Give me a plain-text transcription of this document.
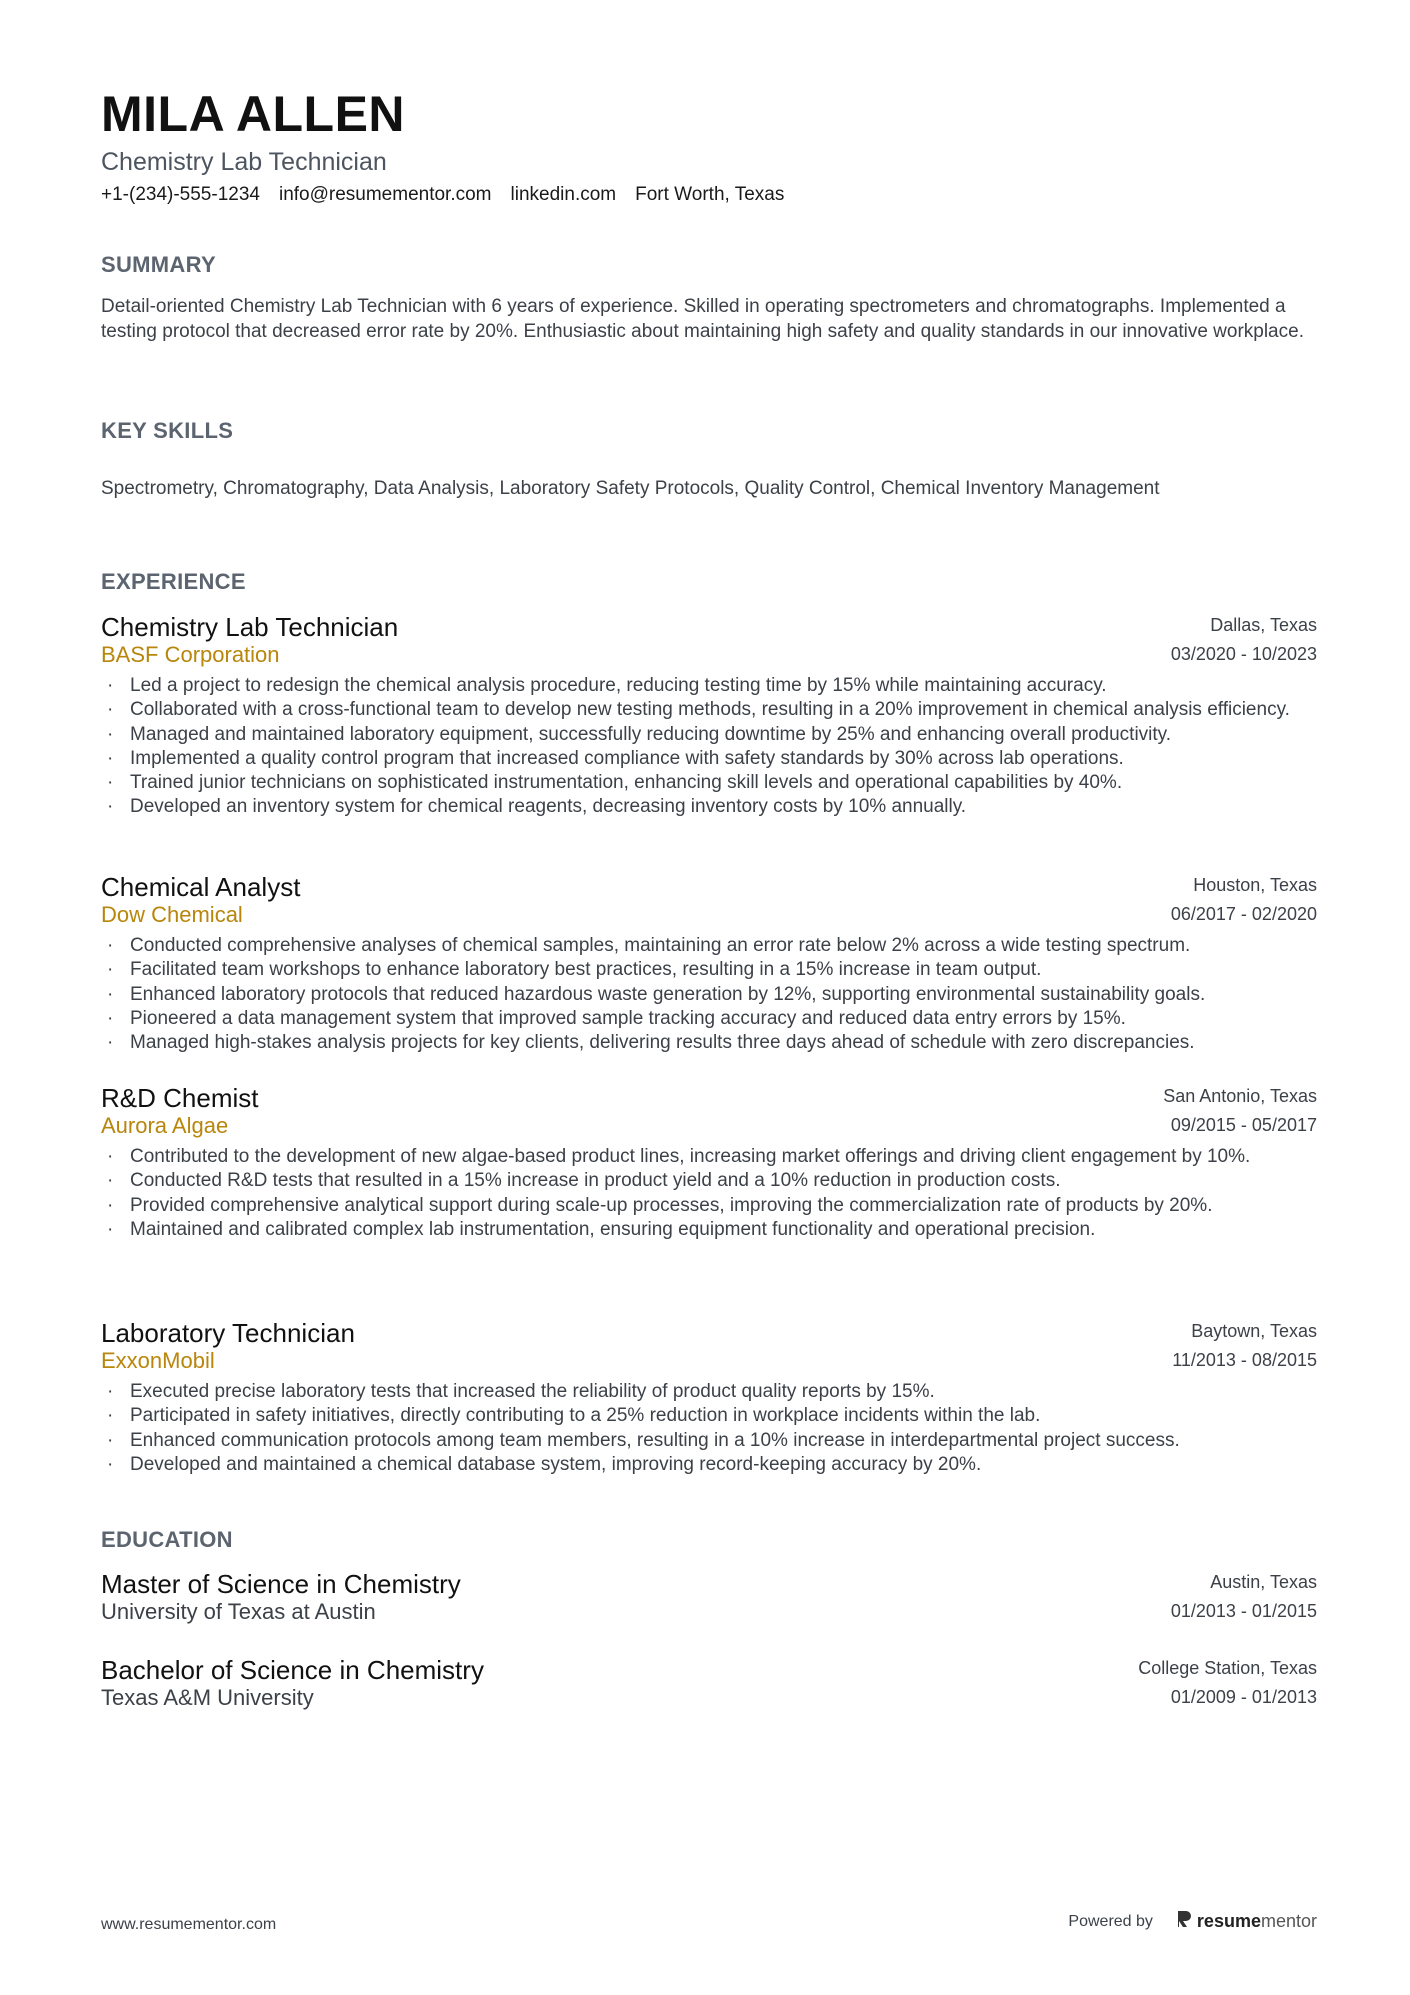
MILA ALLEN
Chemistry Lab Technician
+1-(234)-555-1234 info@resumementor.com linkedin.com Fort Worth, Texas
SUMMARY
Detail-oriented Chemistry Lab Technician with 6 years of experience. Skilled in operating spectrometers and chromatographs. Implemented a testing protocol that decreased error rate by 20%. Enthusiastic about maintaining high safety and quality standards in our innovative workplace.
KEY SKILLS
Spectrometry, Chromatography, Data Analysis, Laboratory Safety Protocols, Quality Control, Chemical Inventory Management
EXPERIENCE
Chemistry Lab Technician
BASF Corporation
Dallas, Texas
03/2020 - 10/2023
· Led a project to redesign the chemical analysis procedure, reducing testing time by 15% while maintaining accuracy.
· Collaborated with a cross-functional team to develop new testing methods, resulting in a 20% improvement in chemical analysis efficiency.
· Managed and maintained laboratory equipment, successfully reducing downtime by 25% and enhancing overall productivity.
· Implemented a quality control program that increased compliance with safety standards by 30% across lab operations.
· Trained junior technicians on sophisticated instrumentation, enhancing skill levels and operational capabilities by 40%.
· Developed an inventory system for chemical reagents, decreasing inventory costs by 10% annually.
Chemical Analyst
Dow Chemical
Houston, Texas
06/2017 - 02/2020
· Conducted comprehensive analyses of chemical samples, maintaining an error rate below 2% across a wide testing spectrum.
· Facilitated team workshops to enhance laboratory best practices, resulting in a 15% increase in team output.
· Enhanced laboratory protocols that reduced hazardous waste generation by 12%, supporting environmental sustainability goals.
· Pioneered a data management system that improved sample tracking accuracy and reduced data entry errors by 15%.
· Managed high-stakes analysis projects for key clients, delivering results three days ahead of schedule with zero discrepancies.
R&D Chemist
Aurora Algae
San Antonio, Texas
09/2015 - 05/2017
· Contributed to the development of new algae-based product lines, increasing market offerings and driving client engagement by 10%.
· Conducted R&D tests that resulted in a 15% increase in product yield and a 10% reduction in production costs.
· Provided comprehensive analytical support during scale-up processes, improving the commercialization rate of products by 20%.
· Maintained and calibrated complex lab instrumentation, ensuring equipment functionality and operational precision.
Laboratory Technician
ExxonMobil
Baytown, Texas
11/2013 - 08/2015
· Executed precise laboratory tests that increased the reliability of product quality reports by 15%.
· Participated in safety initiatives, directly contributing to a 25% reduction in workplace incidents within the lab.
· Enhanced communication protocols among team members, resulting in a 10% increase in interdepartmental project success.
· Developed and maintained a chemical database system, improving record-keeping accuracy by 20%.
EDUCATION
Master of Science in Chemistry
University of Texas at Austin
Austin, Texas
01/2013 - 01/2015
Bachelor of Science in Chemistry
Texas A&M University
College Station, Texas
01/2009 - 01/2013
www.resumementor.com	Powered by resume mentor
